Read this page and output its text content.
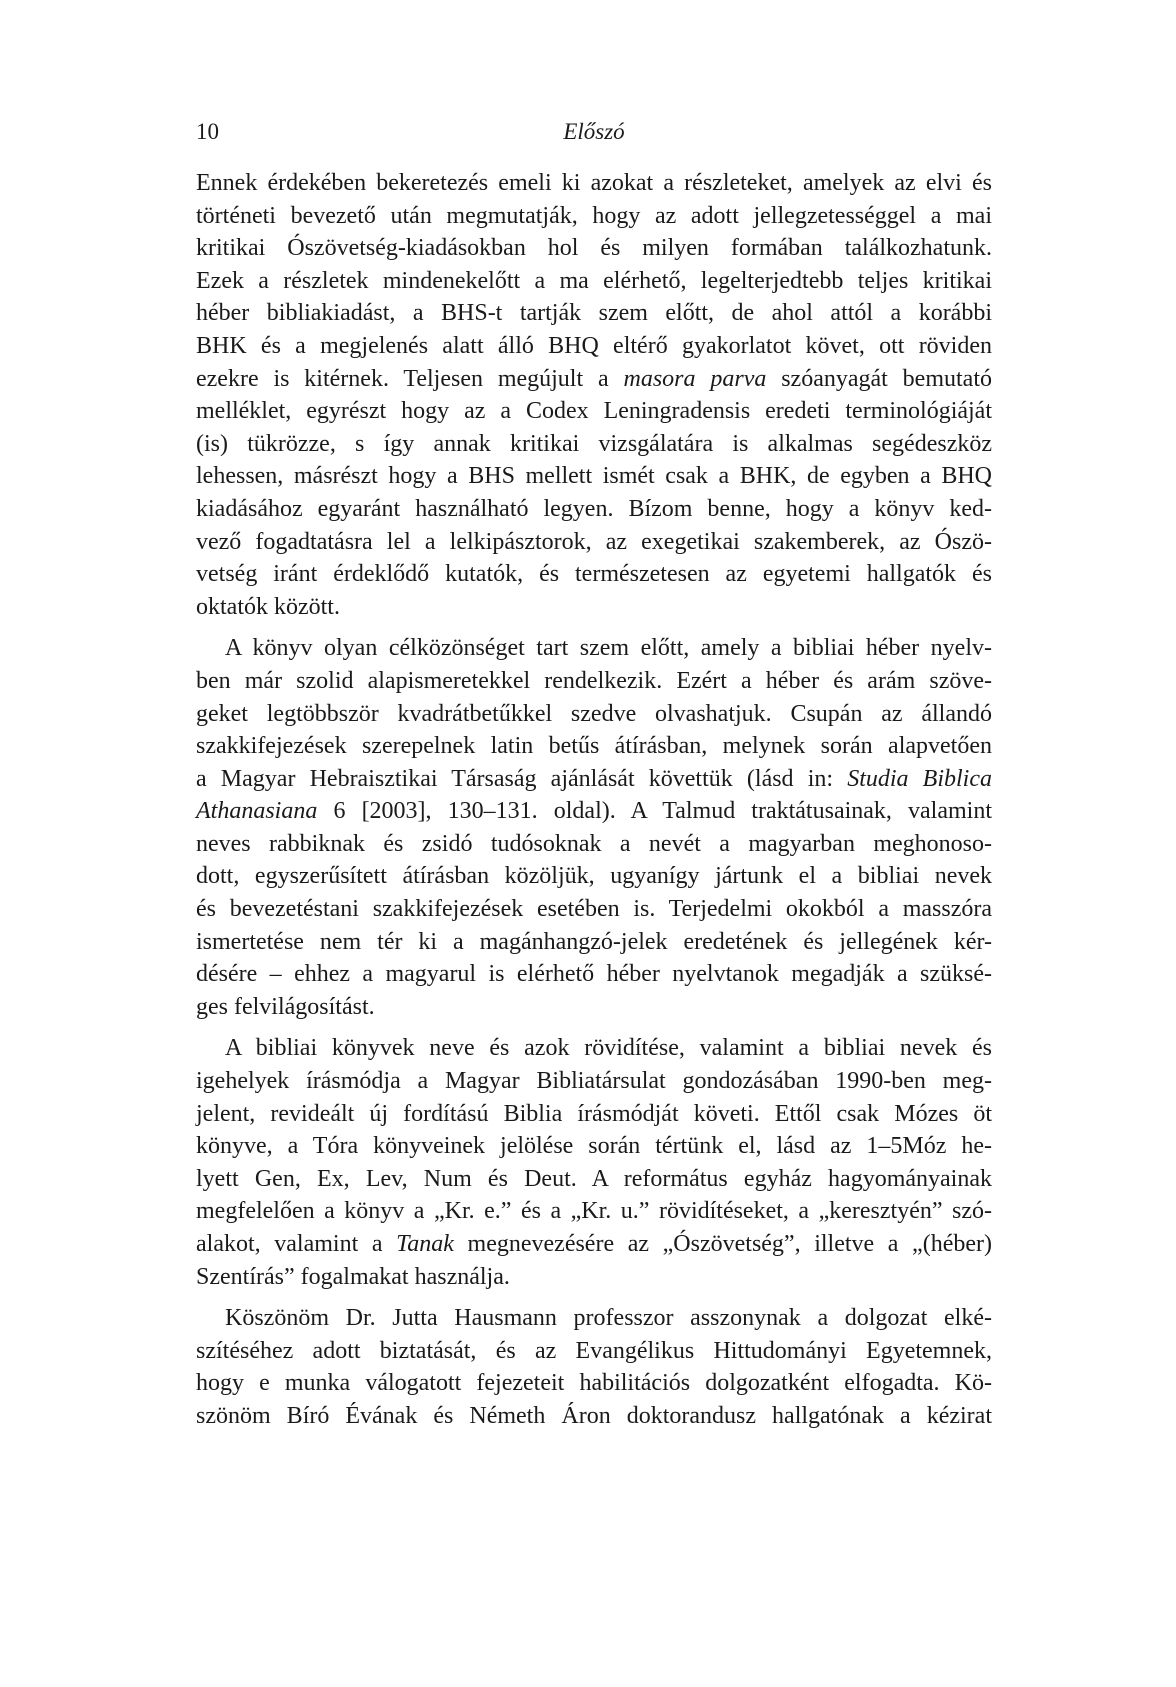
10	Előszó
Ennek érdekében bekeretezés emeli ki azokat a részleteket, amelyek az elvi és
történeti bevezető után megmutatják, hogy az adott jellegzetességgel a mai
kritikai Ószövetség-kiadásokban hol és milyen formában találkozhatunk.
Ezek a részletek mindenekelőtt a ma elérhető, legelterjedtebb teljes kritikai
héber bibliakiadást, a BHS-t tartják szem előtt, de ahol attól a korábbi
BHK és a megjelenés alatt álló BHQ eltérő gyakorlatot követ, ott röviden
ezekre is kitérnek. Teljesen megújult a masora parva szóanyagát bemutató
melléklet, egyrészt hogy az a Codex Leningradensis eredeti terminológiáját
(is) tükrözze, s így annak kritikai vizsgálatára is alkalmas segédeszköz
lehessen, másrészt hogy a BHS mellett ismét csak a BHK, de egyben a BHQ
kiadásához egyaránt használható legyen. Bízom benne, hogy a könyv ked-
vező fogadtatásra lel a lelkipásztorok, az exegetikai szakemberek, az Ószö-
vetség iránt érdeklődő kutatók, és természetesen az egyetemi hallgatók és
oktatók között.
A könyv olyan célközönséget tart szem előtt, amely a bibliai héber nyelv-
ben már szolid alapismeretekkel rendelkezik. Ezért a héber és arám szöve-
geket legtöbbször kvadrátbetűkkel szedve olvashatjuk. Csupán az állandó
szakkifejezések szerepelnek latin betűs átírásban, melynek során alapvetően
a Magyar Hebraisztikai Társaság ajánlását követtük (lásd in: Studia Biblica
Athanasiana 6 [2003], 130–131. oldal). A Talmud traktátusainak, valamint
neves rabbiknak és zsidó tudósoknak a nevét a magyarban meghonoso-
dott, egyszerűsített átírásban közöljük, ugyanígy jártunk el a bibliai nevek
és bevezetéstani szakkifejezések esetében is. Terjedelmi okokból a masszóra
ismertetése nem tér ki a magánhangzó-jelek eredetének és jellegének kér-
désére – ehhez a magyarul is elérhető héber nyelvtanok megadják a szüksé-
ges felvilágosítást.
A bibliai könyvek neve és azok rövidítése, valamint a bibliai nevek és
igehelyek írásmódja a Magyar Bibliatársulat gondozásában 1990-ben meg-
jelent, revideált új fordítású Biblia írásmódját követi. Ettől csak Mózes öt
könyve, a Tóra könyveinek jelölése során tértünk el, lásd az 1–5Móz he-
lyett Gen, Ex, Lev, Num és Deut. A református egyház hagyományainak
megfelelően a könyv a „Kr. e.” és a „Kr. u.” rövidítéseket, a „keresztyén” szó-
alakot, valamint a Tanak megnevezésére az „Ószövetség”, illetve a „(héber)
Szentírás” fogalmakat használja.
Köszönöm Dr. Jutta Hausmann professzor asszonynak a dolgozat elké-
szítéséhez adott biztatását, és az Evangélikus Hittudományi Egyetemnek,
hogy e munka válogatott fejezeteit habilitációs dolgozatként elfogadta. Kö-
szönöm Bíró Évának és Németh Áron doktorandusz hallgatónak a kézirat
